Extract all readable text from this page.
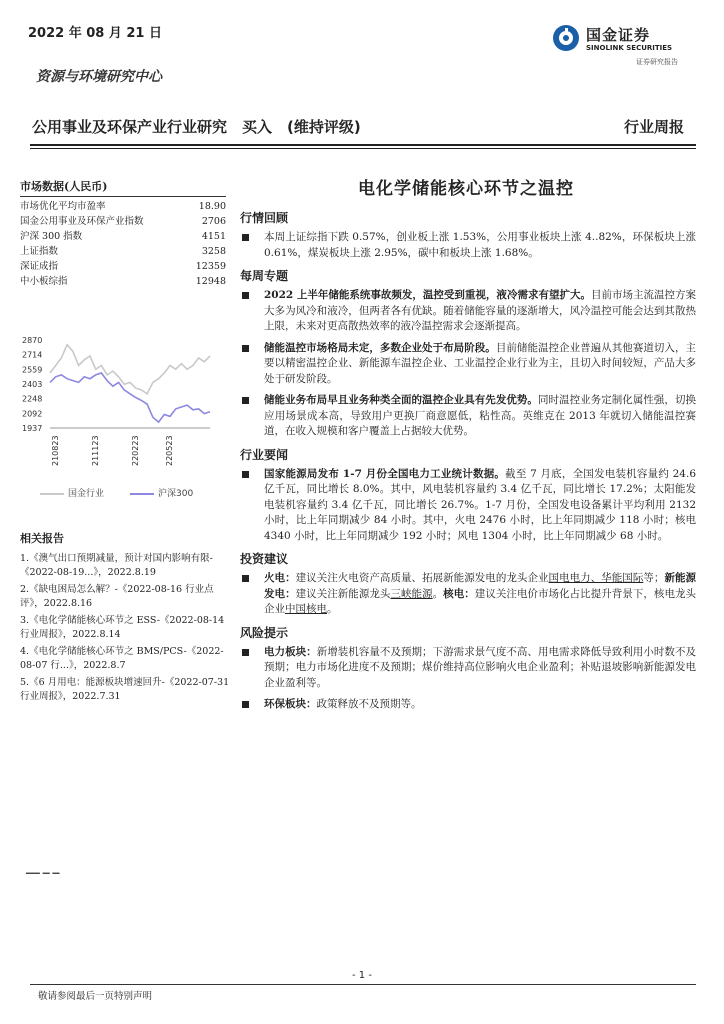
2022 年 08 月 21 日	国金证券
SINOLINK SECURITIES
证券研究报告
资源与环境研究中心
公用事业及环保产业行业研究　买入　(维持评级)	行业周报
市场数据(人民币)
市场优化平均市盈率	18.90
国金公用事业及环保产业指数	2706
沪深 300 指数	4151
上证指数	3258
深证成指	12359
中小板综指	12948
2870
2714
2559
2403
2248
2092
1937
210823	211123	220223	220523
国金行业	沪深300
相关报告
1.《澳气出口预期减量，预计对国内影响有限-《2022-08-19...》，2022.8.19
2.《缺电困局怎么解？-《2022-08-16 行业点评》，2022.8.16
3.《电化学储能核心环节之 ESS-《2022-08-14 行业周报》，2022.8.14
4.《电化学储能核心环节之 BMS/PCS-《2022-08-07 行...》，2022.8.7
5.《6 月用电：能源板块增速回升-《2022-07-31 行业周报》，2022.7.31
电化学储能核心环节之温控
行情回顾
本周上证综指下跌 0.57%，创业板上涨 1.53%，公用事业板块上涨 4..82%，环保板块上涨 0.61%，煤炭板块上涨 2.95%，碳中和板块上涨 1.68%。
每周专题
2022 上半年储能系统事故频发，温控受到重视，液冷需求有望扩大。目前市场主流温控方案大多为风冷和液冷，但两者各有优缺。随着储能容量的逐渐增大，风冷温控可能会达到其散热上限，未来对更高散热效率的液冷温控需求会逐渐提高。
储能温控市场格局未定，多数企业处于布局阶段。目前储能温控企业普遍从其他赛道切入，主要以精密温控企业、新能源车温控企业、工业温控企业行业为主，且切入时间较短，产品大多处于研发阶段。
储能业务布局早且业务种类全面的温控企业具有先发优势。同时温控业务定制化属性强，切换应用场景成本高，导致用户更换厂商意愿低，粘性高。英维克在 2013 年就切入储能温控赛道，在收入规模和客户覆盖上占据较大优势。
行业要闻
国家能源局发布 1-7 月份全国电力工业统计数据。截至 7 月底，全国发电装机容量约 24.6 亿千瓦，同比增长 8.0%。其中，风电装机容量约 3.4 亿千瓦，同比增长 17.2%；太阳能发电装机容量约 3.4 亿千瓦，同比增长 26.7%。1-7 月份，全国发电设备累计平均利用 2132 小时，比上年同期减少 84 小时。其中，火电 2476 小时，比上年同期减少 118 小时；核电 4340 小时，比上年同期减少 192 小时；风电 1304 小时，比上年同期减少 68 小时。
投资建议
火电：建议关注火电资产高质量、拓展新能源发电的龙头企业国电电力、华能国际等；新能源发电：建议关注新能源龙头三峡能源。核电：建议关注电价市场化占比提升背景下，核电龙头企业中国核电。
风险提示
电力板块：新增装机容量不及预期；下游需求景气度不高、用电需求降低导致利用小时数不及预期；电力市场化进度不及预期；煤价维持高位影响火电企业盈利；补贴退坡影响新能源发电企业盈利等。
环保板块：政策释放不及预期等。
▔▔ ▔ ▔
- 1 -
敬请参阅最后一页特别声明
